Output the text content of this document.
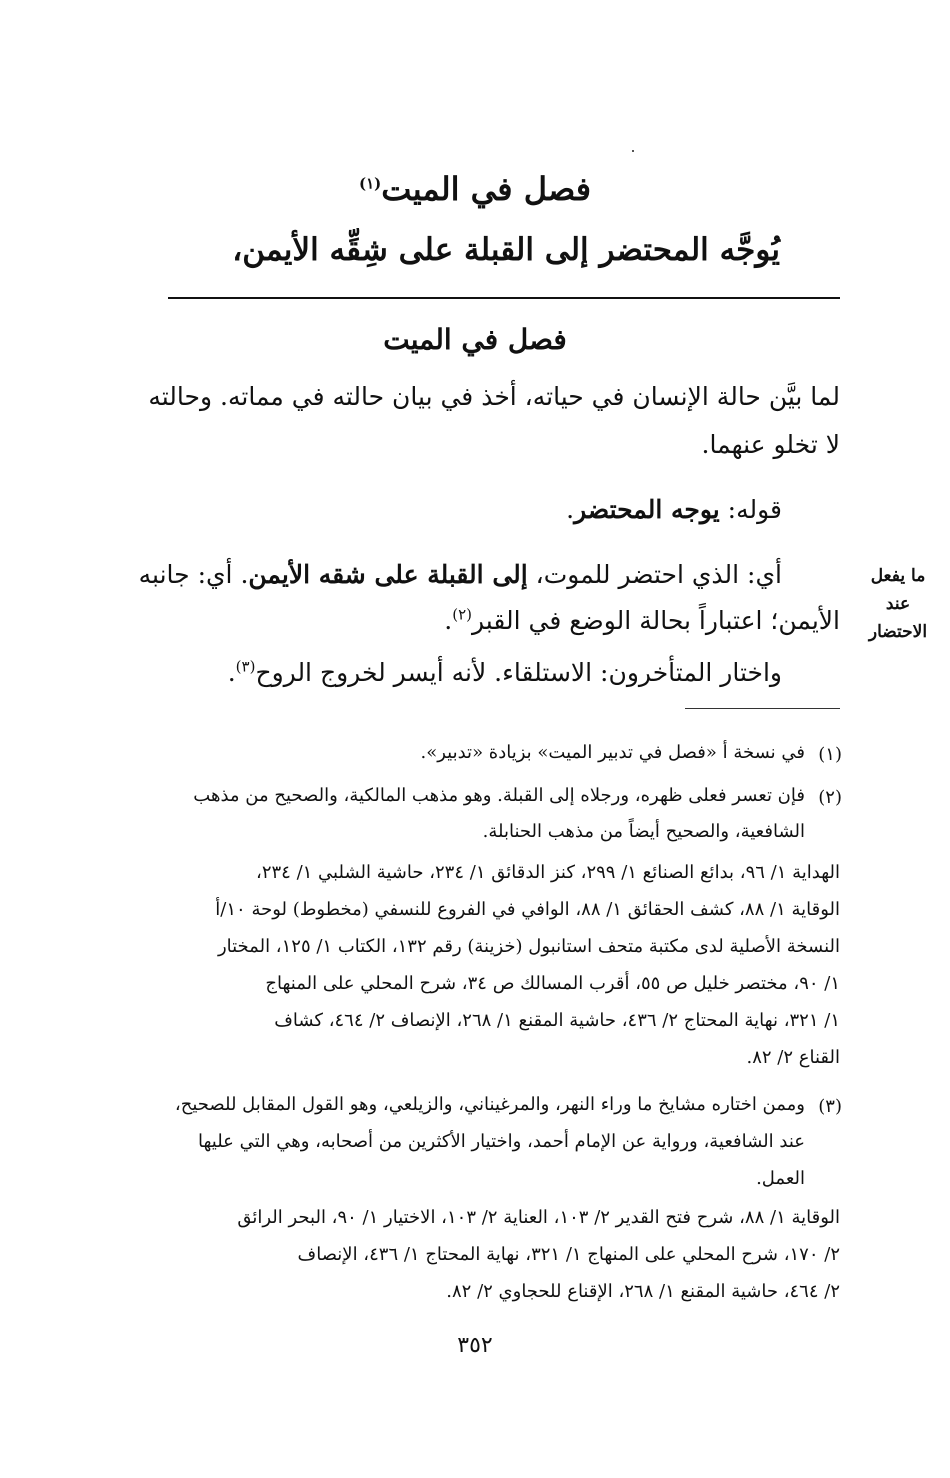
فصل في الميت$^{(١)}$
يُوجَّه المحتضر إلى القبلة على شِقِّه الأيمن،
فصل في الميت
لما بيَّن حالة الإنسان في حياته، أخذ في بيان حالته في مماته. وحالته
لا تخلو عنهما.
قوله: يوجه المحتضر.
أي: الذي احتضر للموت، إلى القبلة على شقه الأيمن. أي: جانبه
الأيمن؛ اعتباراً بحالة الوضع في القبر$^{(٢)}$.
واختار المتأخرون: الاستلقاء. لأنه أيسر لخروج الروح$^{(٣)}$.
ما يفعل
عند
الاحتضار
(١)
في نسخة أ «فصل في تدبير الميت» بزيادة «تدبير».
(٢)
فإن تعسر فعلى ظهره، ورجلاه إلى القبلة. وهو مذهب المالكية، والصحيح من مذهب
الشافعية، والصحيح أيضاً من مذهب الحنابلة.
الهداية ١/ ٩٦، بدائع الصنائع ١/ ٢٩٩، كنز الدقائق ١/ ٢٣٤، حاشية الشلبي ١/ ٢٣٤،
الوقاية ١/ ٨٨، كشف الحقائق ١/ ٨٨، الوافي في الفروع للنسفي (مخطوط) لوحة ١٠/أ
النسخة الأصلية لدى مكتبة متحف استانبول (خزينة) رقم ١٣٢، الكتاب ١/ ١٢٥، المختار
١/ ٩٠، مختصر خليل ص ٥٥، أقرب المسالك ص ٣٤، شرح المحلي على المنهاج
١/ ٣٢١، نهاية المحتاج ٢/ ٤٣٦، حاشية المقنع ١/ ٢٦٨، الإنصاف ٢/ ٤٦٤، كشاف
القناع ٢/ ٨٢.
(٣)
وممن اختاره مشايخ ما وراء النهر، والمرغيناني، والزيلعي، وهو القول المقابل للصحيح،
عند الشافعية، ورواية عن الإمام أحمد، واختيار الأكثرين من أصحابه، وهي التي عليها
العمل.
الوقاية ١/ ٨٨، شرح فتح القدير ٢/ ١٠٣، العناية ٢/ ١٠٣، الاختيار ١/ ٩٠، البحر الرائق
٢/ ١٧٠، شرح المحلي على المنهاج ١/ ٣٢١، نهاية المحتاج ١/ ٤٣٦، الإنصاف
٢/ ٤٦٤، حاشية المقنع ١/ ٢٦٨، الإقناع للحجاوي ٢/ ٨٢.
٣٥٢
